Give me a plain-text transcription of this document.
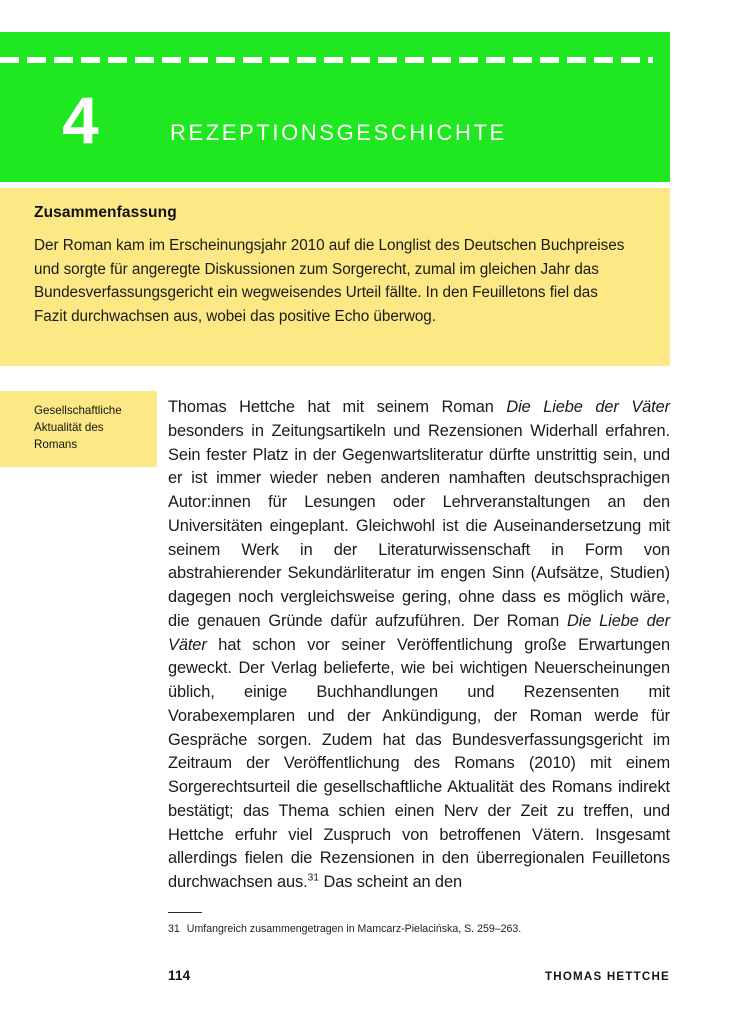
4	REZEPTIONSGESCHICHTE
Zusammenfassung

Der Roman kam im Erscheinungsjahr 2010 auf die Longlist des Deutschen Buchpreises und sorgte für angeregte Diskussionen zum Sorgerecht, zumal im gleichen Jahr das Bundesverfassungsgericht ein wegweisendes Urteil fällte. In den Feuilletons fiel das Fazit durchwachsen aus, wobei das positive Echo überwog.

Gesellschaftliche Aktualität des Romans

Thomas Hettche hat mit seinem Roman Die Liebe der Väter besonders in Zeitungsartikeln und Rezensionen Widerhall erfahren. Sein fester Platz in der Gegenwartsliteratur dürfte unstrittig sein, und er ist immer wieder neben anderen namhaften deutschsprachigen Autor:innen für Lesungen oder Lehrveranstaltungen an den Universitäten eingeplant. Gleichwohl ist die Auseinandersetzung mit seinem Werk in der Literaturwissenschaft in Form von abstrahierender Sekundärliteratur im engen Sinn (Aufsätze, Studien) dagegen noch vergleichsweise gering, ohne dass es möglich wäre, die genauen Gründe dafür aufzuführen. Der Roman Die Liebe der Väter hat schon vor seiner Veröffentlichung große Erwartungen geweckt. Der Verlag belieferte, wie bei wichtigen Neuerscheinungen üblich, einige Buchhandlungen und Rezensenten mit Vorabexemplaren und der Ankündigung, der Roman werde für Gespräche sorgen. Zudem hat das Bundesverfassungsgericht im Zeitraum der Veröffentlichung des Romans (2010) mit einem Sorgerechtsurteil die gesellschaftliche Aktualität des Romans indirekt bestätigt; das Thema schien einen Nerv der Zeit zu treffen, und Hettche erfuhr viel Zuspruch von betroffenen Vätern. Insgesamt allerdings fielen die Rezensionen in den überregionalen Feuilletons durchwachsen aus.$^{31}$ Das scheint an den

31 Umfangreich zusammengetragen in Mamcarz-Pielacińska, S. 259–263.

114	THOMAS HETTCHE
